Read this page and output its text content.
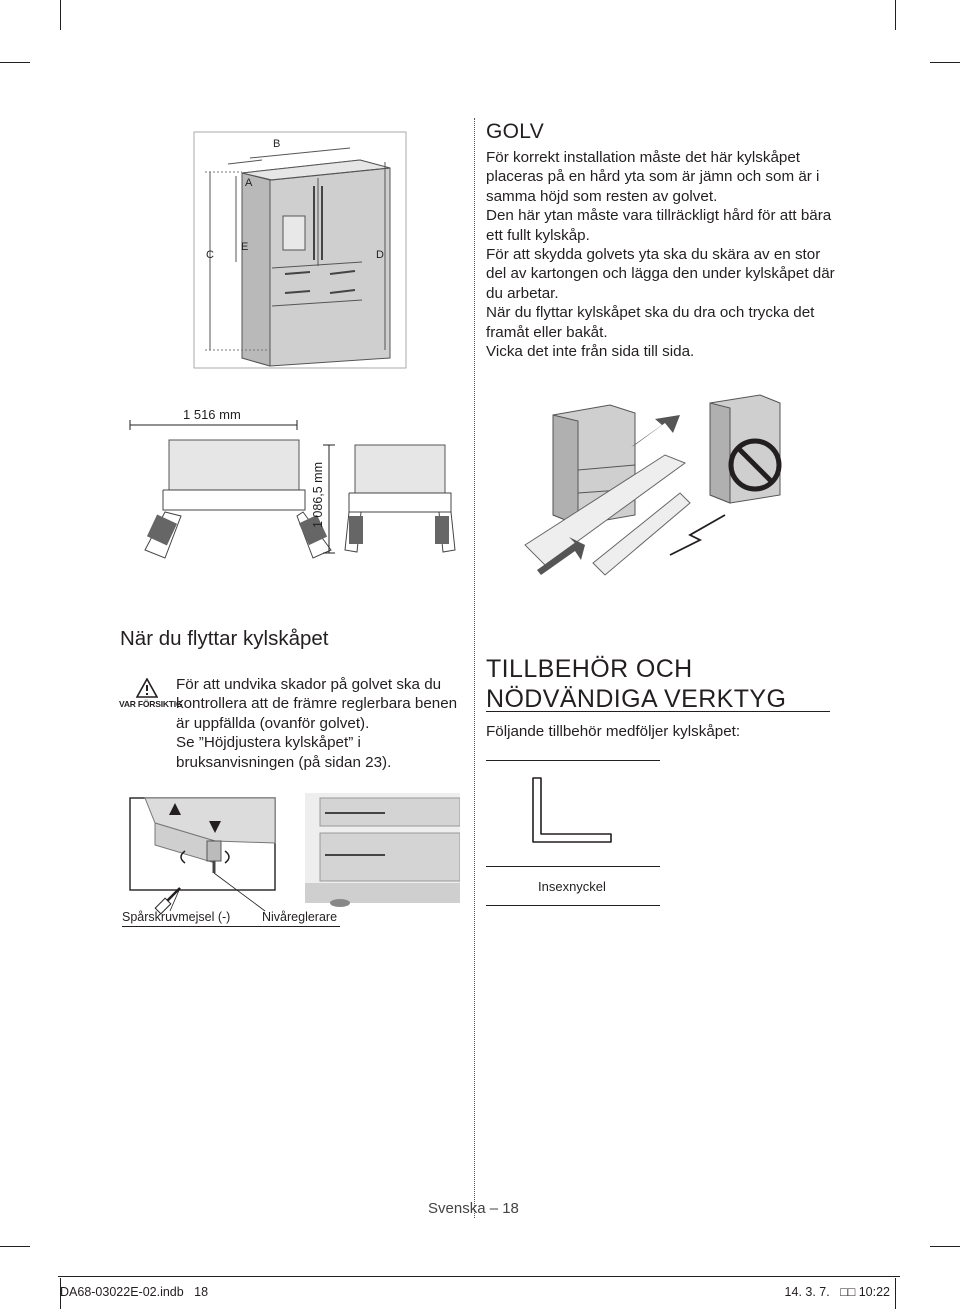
A
B
C	D
E
GOLV
För korrekt installation måste det här kylskåpet placeras på en hård yta som är jämn och som är i samma höjd som resten av golvet.
Den här ytan måste vara tillräckligt hård för att bära ett fullt kylskåp.
För att skydda golvets yta ska du skära av en stor del av kartongen och lägga den under kylskåpet där du arbetar.
När du flyttar kylskåpet ska du dra och trycka det framåt eller bakåt.
Vicka det inte från sida till sida.
1 516 mm
1 086,5 mm
När du flyttar kylskåpet
VAR FÖRSIKTIG
För att undvika skador på golvet ska du
kontrollera att de främre reglerbara benen
är uppfällda (ovanför golvet).
Se ”Höjdjustera kylskåpet” i
bruksanvisningen (på sidan 23).
Spårskruvmejsel (-)	Nivåreglerare
TILLBEHÖR OCH
NÖDVÄNDIGA VERKTYG
Följande tillbehör medföljer kylskåpet:
Insexnyckel
Svenska – 18
DA68-03022E-02.indb   18	14. 3. 7.   □□ 10:22
